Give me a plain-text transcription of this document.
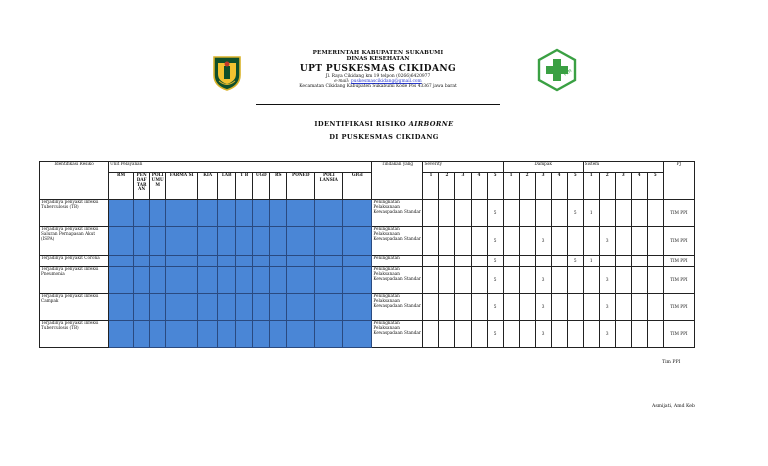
PEMERINTAH KABUPATEN SUKABUMI
DINAS KESEHATAN
UPT PUSKESMAS CIKIDANG
Jl. Raya Cikidang km 19 telpon (0266)6420977
e-mail: puskesmascikidang@gmail.com
Kecamatan Cikidang Kabupaten Sukabumi Kode Pos 43367 jawa barat
PKM
IDENTIFIKASI RISIKO AIRBORNE
DI PUSKESMAS CIKIDANG
Identifikasi Resiko	Unit Pelayanan												Tindakan yang	Severity					Dampak					Sistem					PJ
	RM	PEN DAF TAR AN	POLI UMU M	FARMA SI	KIA	LAB	T B	UGD	RS	PONED	POLI LANSIA	GIGI		1	2	3	4	5	1	2	3	4	5	1	2	3	4	5	
Terjadinya penyakit infeksi Tuberculosis (TB)													Peningkatan Pelaksanaan Kewaspadaan Standar					5					5	1					TIM PPI
Terjadinya penyakit infeksi Saluran Pernapasan Akut (ISPA)													Peningkatan Pelaksanaan Kewaspadaan Standar					5			3				3				TIM PPI
Terjadinya penyakit Corona													Peningkatan					5					5	1					TIM PPI
Terjadinya penyakit infeksi Pneumonia													Peningkatan Pelaksanaan Kewaspadaan Standar					5			3				3				TIM PPI
Terjadinya penyakit infeksi Campak													Peningkatan Pelaksanaan Kewaspadaan Standar					5			3				3				TIM PPI
Terjadinya penyakit infeksi Tuberculosis (TB)													Peningkatan Pelaksanaan Kewaspadaan Standar					5			3				3				TIM PPI
Tim PPI
Asmijati, Amd Keb
